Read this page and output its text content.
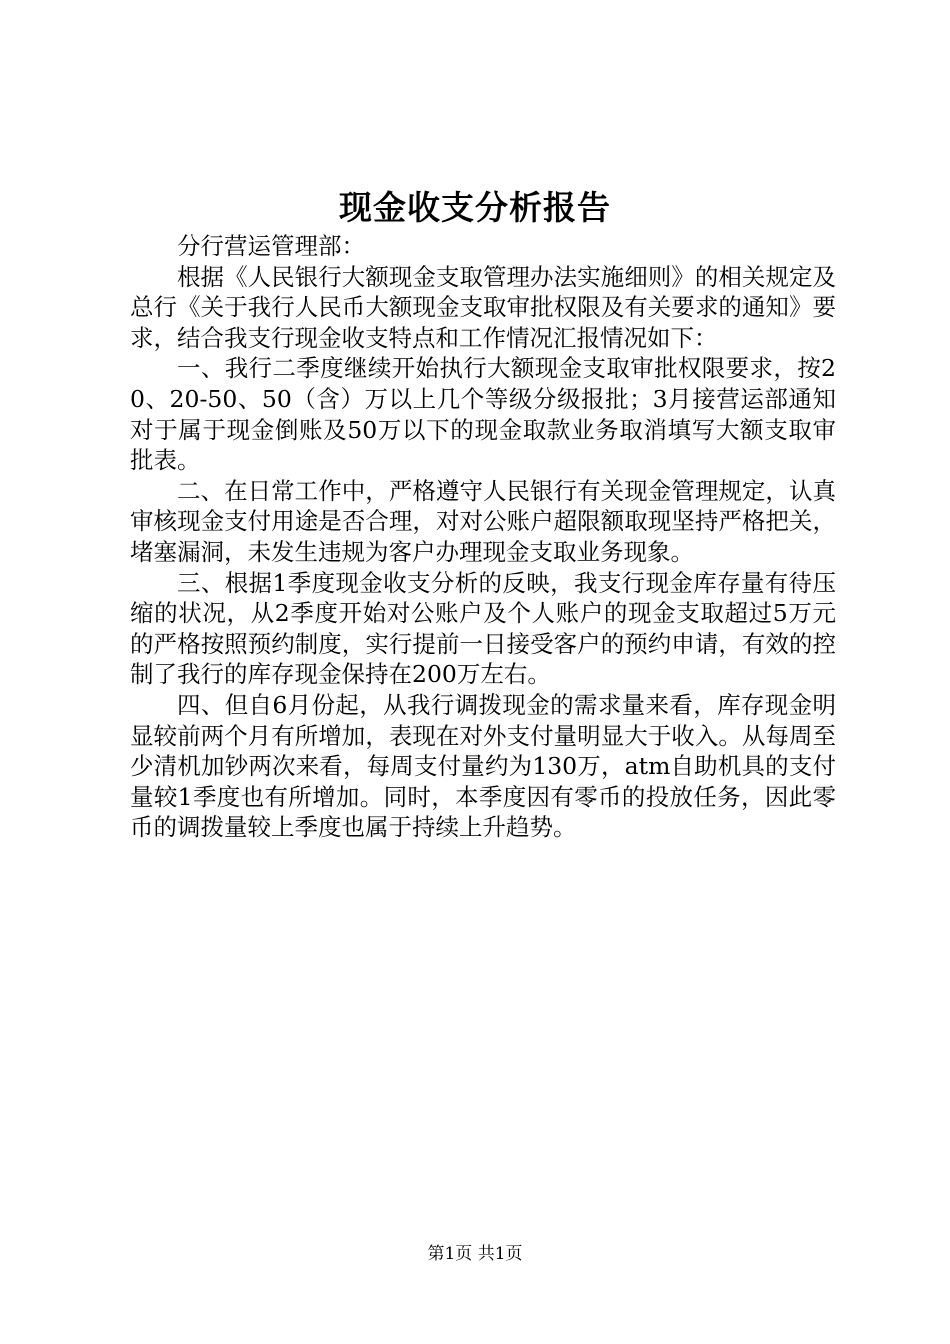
现金收支分析报告

分行营运管理部：

根据《人民银行大额现金支取管理办法实施细则》的相关规定及总行《关于我行人民币大额现金支取审批权限及有关要求的通知》要求，结合我支行现金收支特点和工作情况汇报情况如下：

一、我行二季度继续开始执行大额现金支取审批权限要求，按20、20-50、50（含）万以上几个等级分级报批；3月接营运部通知对于属于现金倒账及50万以下的现金取款业务取消填写大额支取审批表。

二、在日常工作中，严格遵守人民银行有关现金管理规定，认真审核现金支付用途是否合理，对对公账户超限额取现坚持严格把关，堵塞漏洞，未发生违规为客户办理现金支取业务现象。

三、根据1季度现金收支分析的反映，我支行现金库存量有待压缩的状况，从2季度开始对公账户及个人账户的现金支取超过5万元的严格按照预约制度，实行提前一日接受客户的预约申请，有效的控制了我行的库存现金保持在200万左右。

四、但自6月份起，从我行调拨现金的需求量来看，库存现金明显较前两个月有所增加，表现在对外支付量明显大于收入。从每周至少清机加钞两次来看，每周支付量约为130万，atm自助机具的支付量较1季度也有所增加。同时，本季度因有零币的投放任务，因此零币的调拨量较上季度也属于持续上升趋势。

第1页 共1页
